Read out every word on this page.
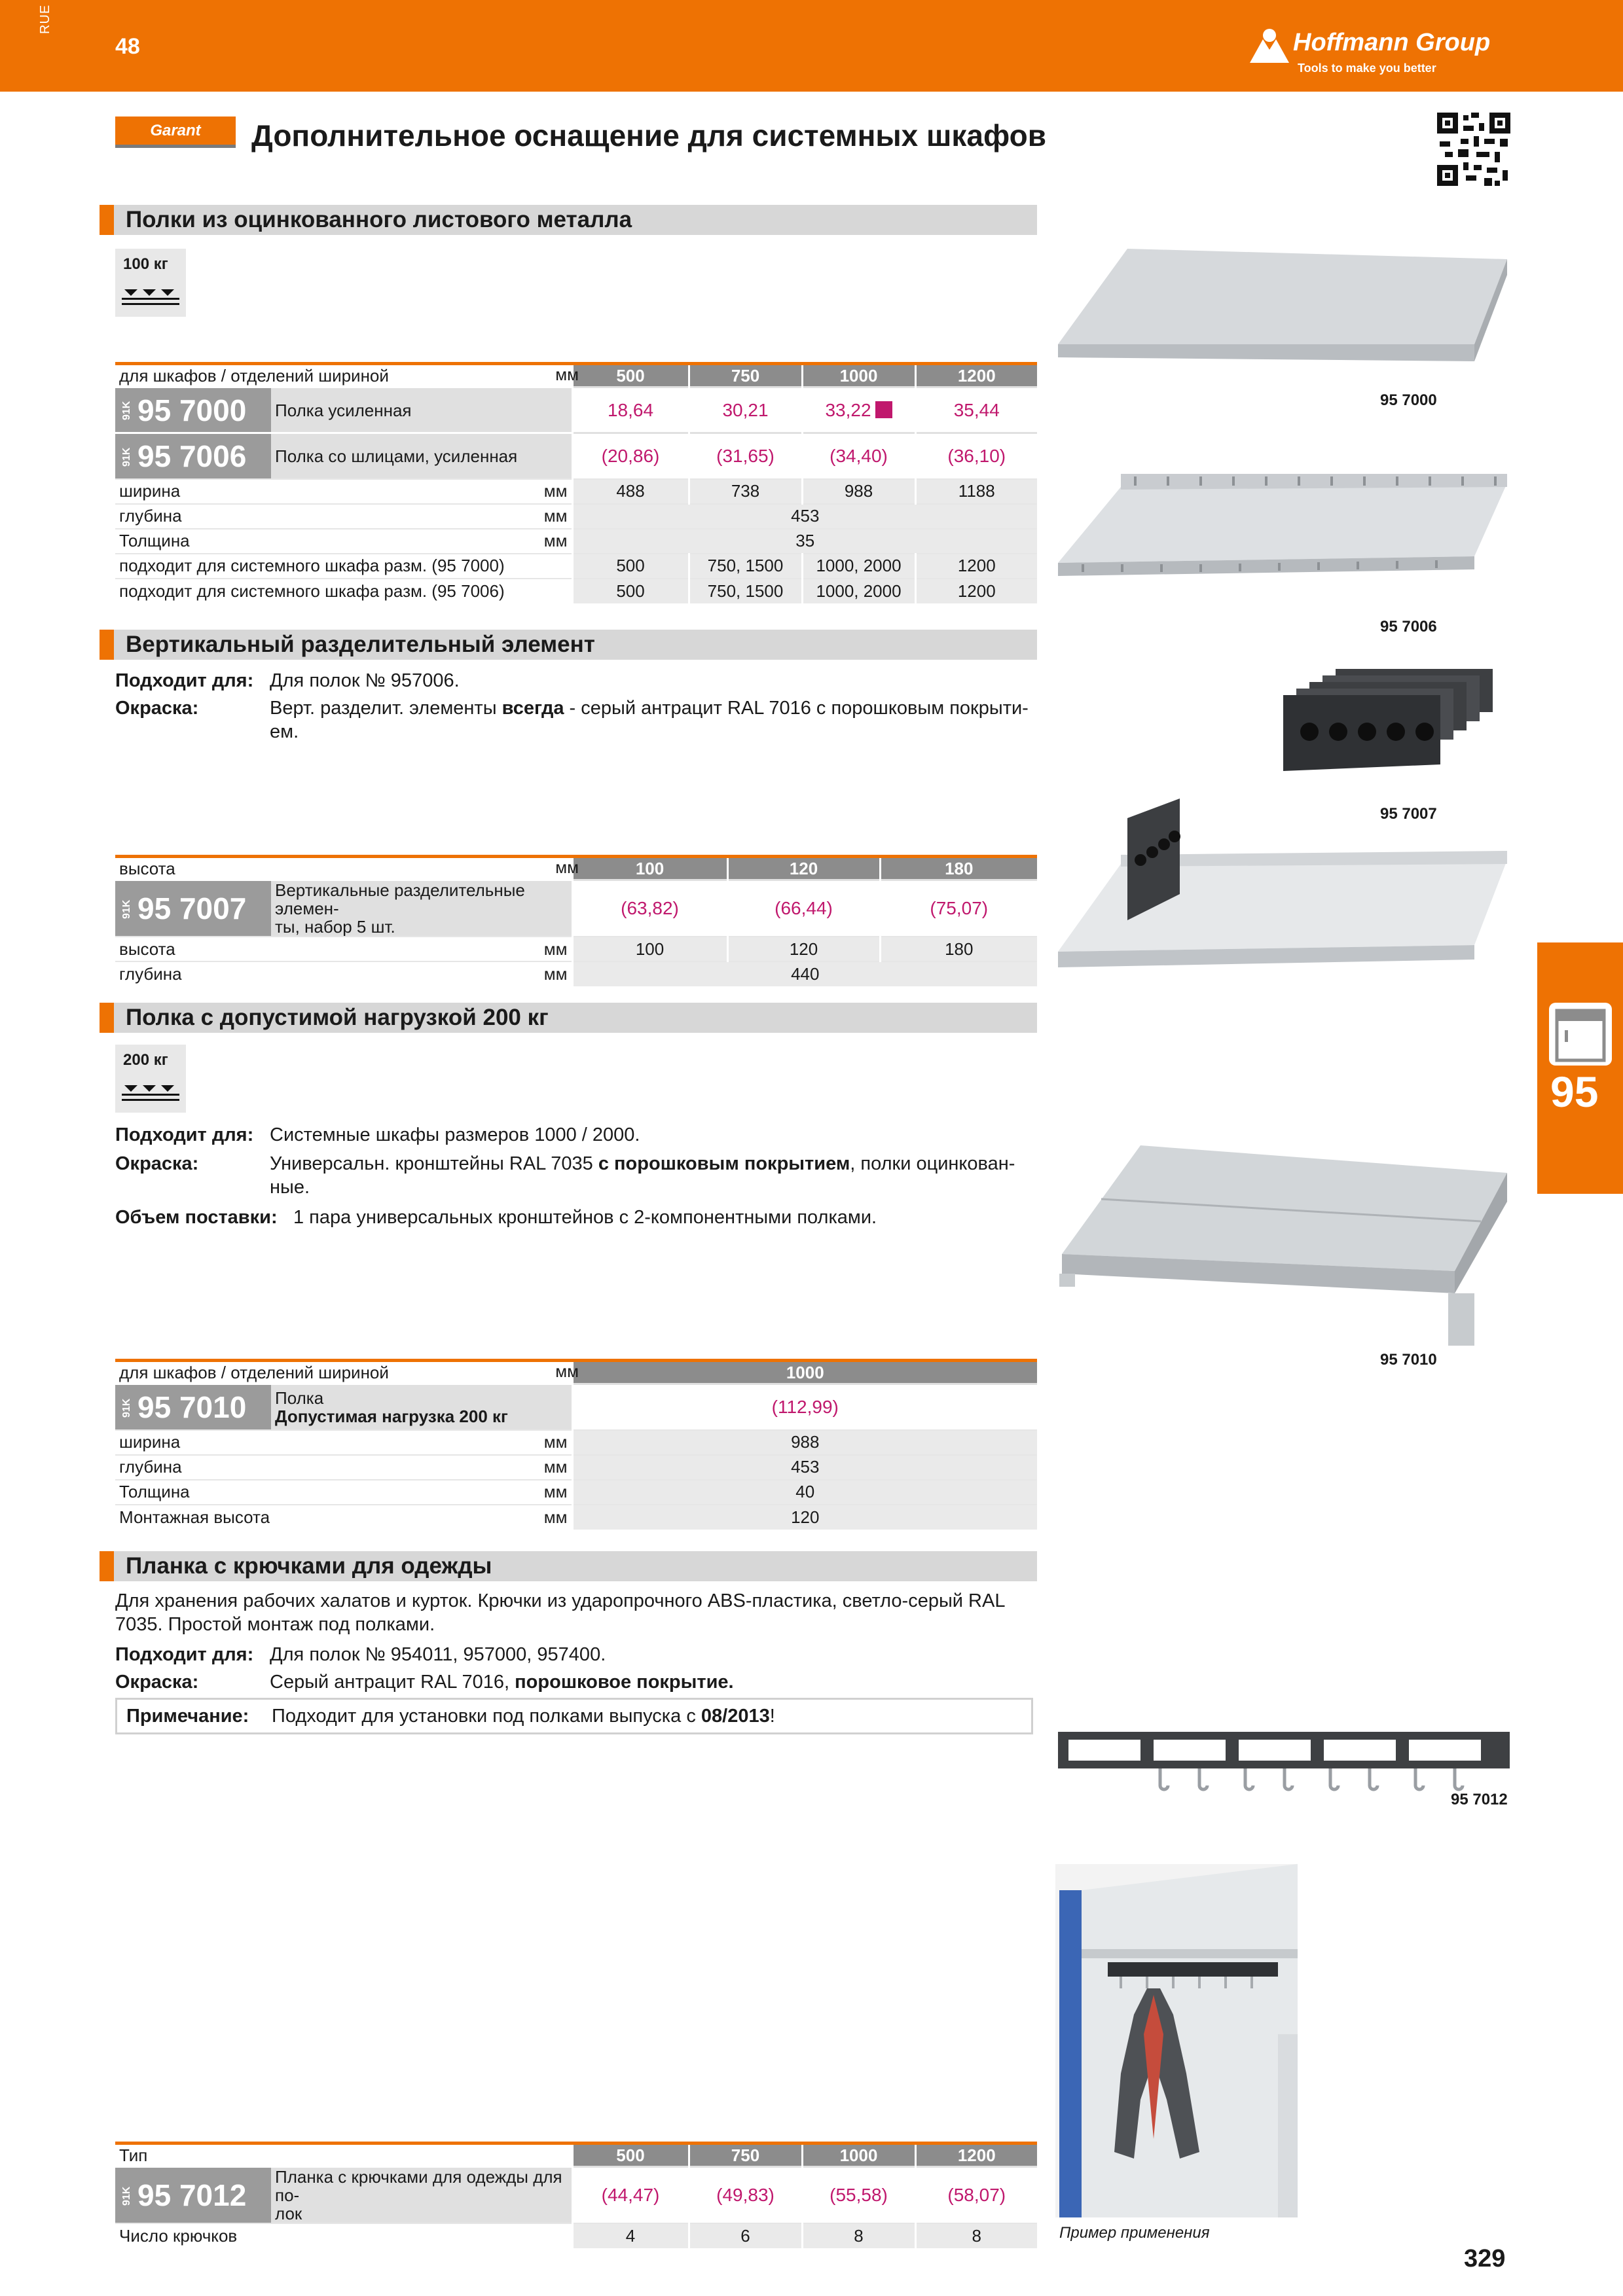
RUE
48	Hoffmann Group
Tools to make you better
Garant	Дополнительное оснащение для системных шкафов
Полки из оцинкованного листового металла
100 кг
для шкафов / отделений шириной		500	750	1000	1200
91K 95 7000	Полка усиленная	18,64	30,21	33,22	35,44
91K 95 7006	Полка со шлицами, усиленная	(20,86)	(31,65)	(34,40)	(36,10)
ширина	мм	488	738	988	1188
глубина	мм	453			
Толщина	мм	35			
подходит для системного шкафа разм. (95 7000)		500	750, 1500	1000, 2000	1200
подходит для системного шкафа разм. (95 7006)		500	750, 1500	1000, 2000	1200
мм
95 7000
95 7006
Вертикальный разделительный элемент
Подходит для: Для полок № 957006.
Окраска:	Верт. разделит. элементы всегда - серый антрацит RAL 7016 с порошковым покрыти-
ем.
высота		100	120	180
91K 95 7007	Вертикальные разделительные элемен-
ты, набор 5 шт.	(63,82)	(66,44)	(75,07)
высота	мм	100	120	180
глубина	мм	440		
мм
95 7007
Полка с допустимой нагрузкой 200 кг
200 кг
Подходит для: Системные шкафы размеров 1000 / 2000.
Окраска:	Универсальн. кронштейны RAL 7035 с порошковым покрытием, полки оцинкован-
ные.
Объем поставки: 1 пара универсальных кронштейнов с 2-компонентными полками.
для шкафов / отделений шириной		1000
91K 95 7010	Полка
Допустимая нагрузка 200 кг	(112,99)
ширина	мм	988
глубина	мм	453
Толщина	мм	40
Монтажная высота	мм	120
мм
95 7010
Планка с крючками для одежды
Для хранения рабочих халатов и курток. Крючки из ударопрочного ABS-пластика, светло-серый RAL
7035. Простой монтаж под полками.
Подходит для: Для полок № 954011, 957000, 957400.
Окраска:	Серый антрацит RAL 7016, порошковое покрытие.
Примечание: Подходит для установки под полками выпуска с 08/2013!
95 7012
Пример применения
Тип		500	750	1000	1200
91K 95 7012	Планка с крючками для одежды для по-
лок	(44,47)	(49,83)	(55,58)	(58,07)
Число крючков		4	6	8	8
95
329
